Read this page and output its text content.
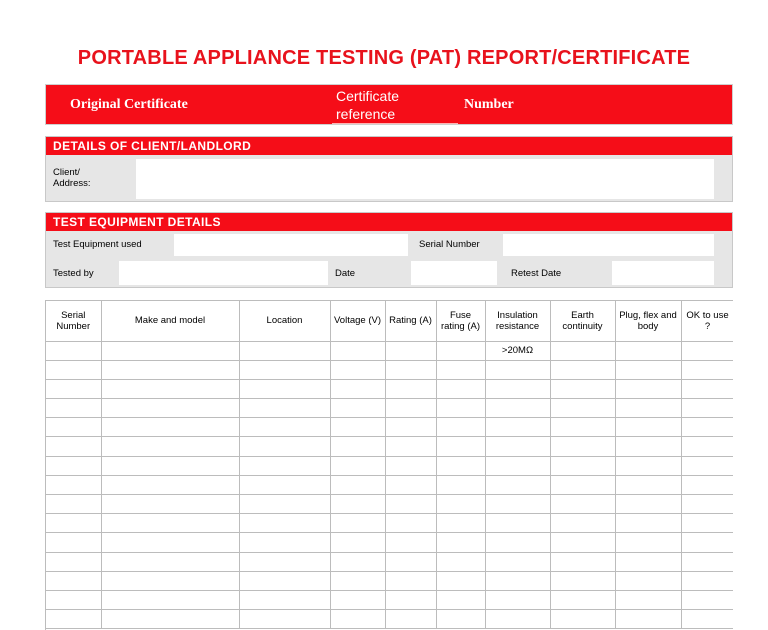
PORTABLE APPLIANCE TESTING (PAT) REPORT/CERTIFICATE
Original Certificate
Certificate reference
Number
DETAILS OF CLIENT/LANDLORD
Client/ Address:
TEST EQUIPMENT DETAILS
Test Equipment used	Serial Number
Tested by	Date	Retest Date
Serial Number	Make and model	Location	Voltage (V)	Rating (A)	Fuse rating (A)	Insulation resistance	Earth continuity	Plug, flex and body	OK to use ?
						>20MΩ			
